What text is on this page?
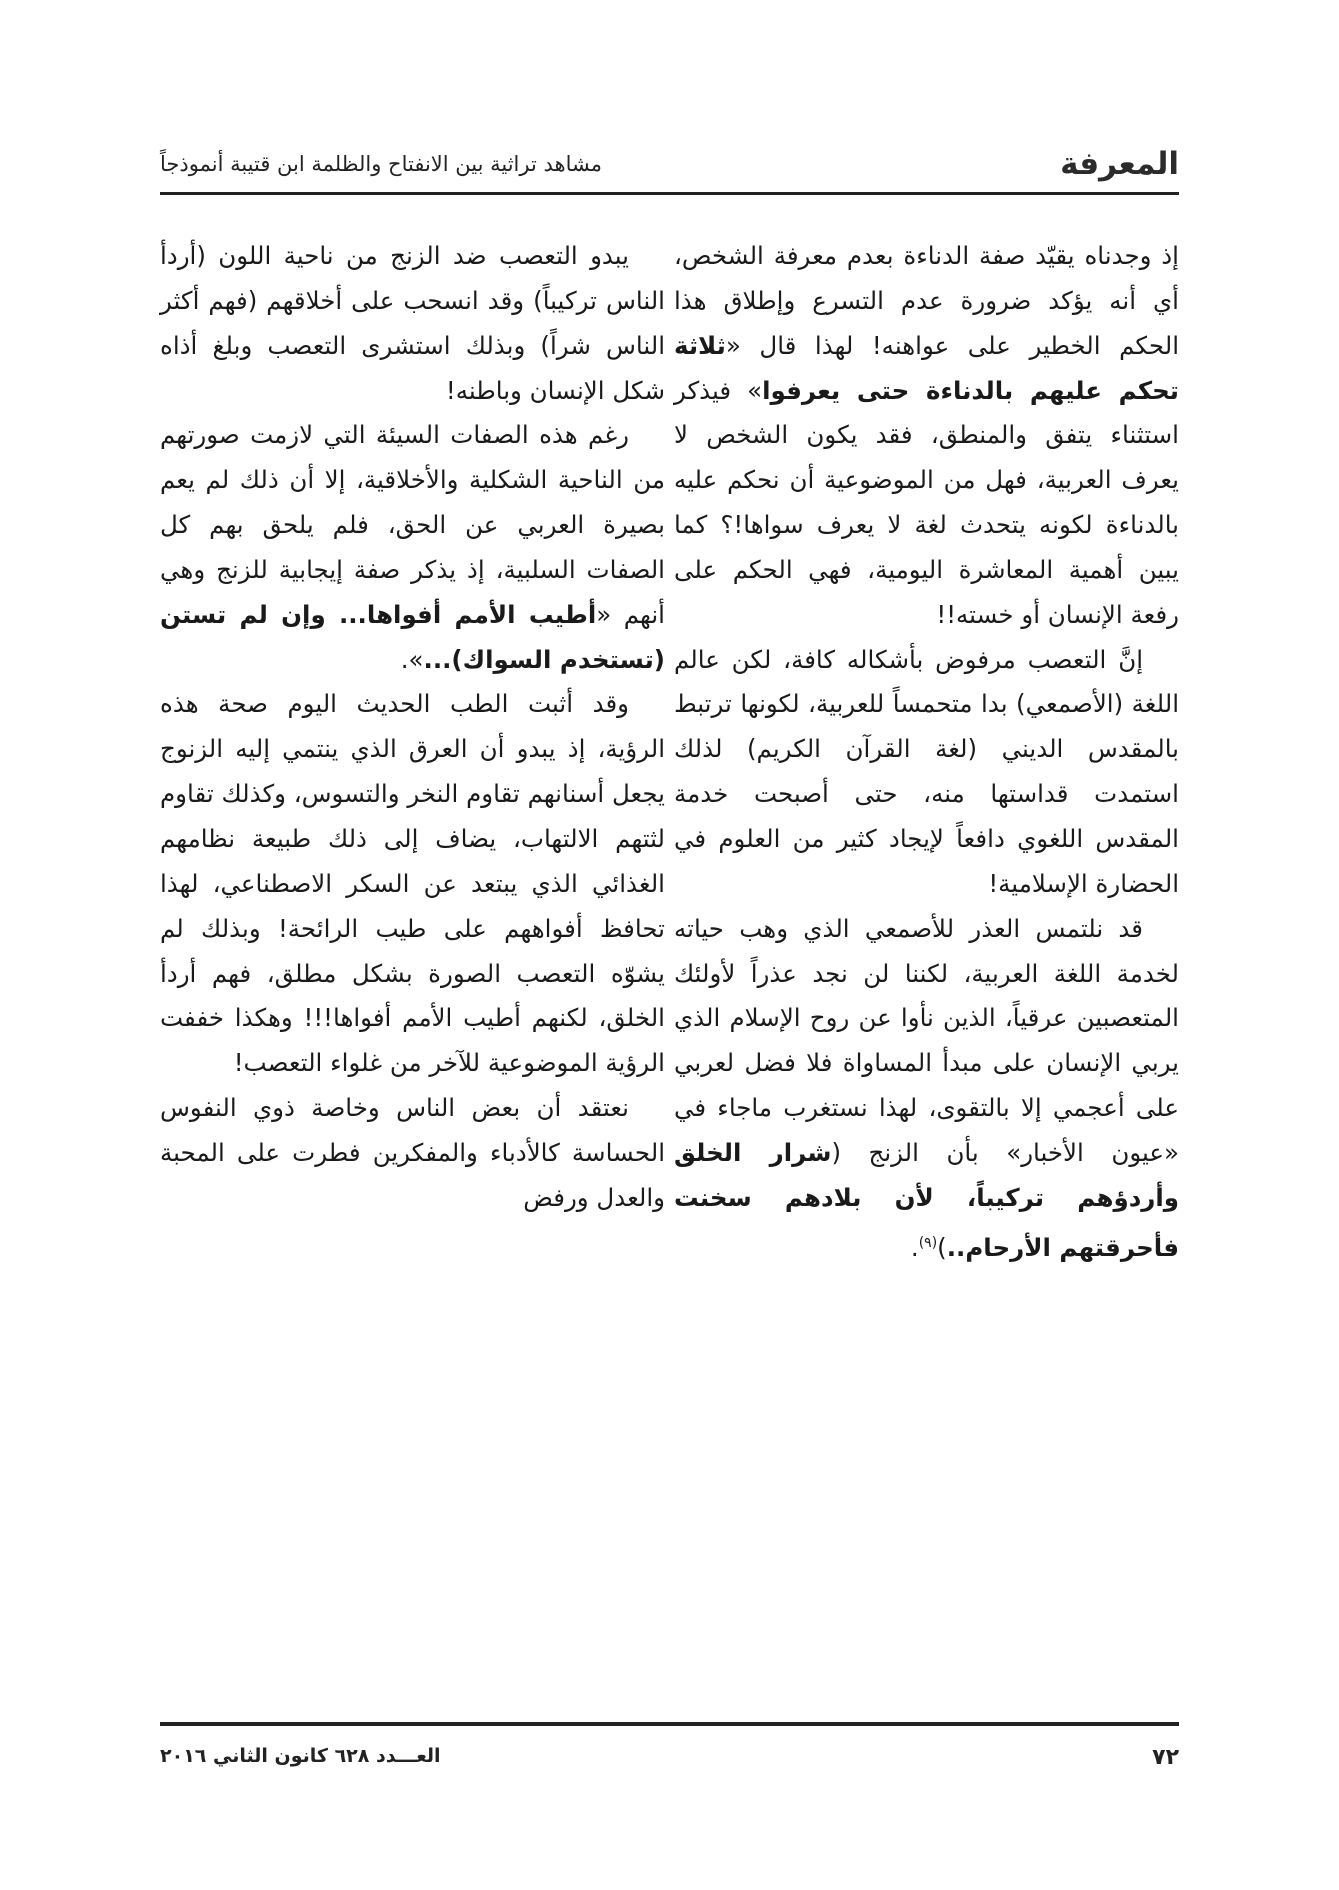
المعرفة
مشاهد تراثية بين الانفتاح والظلمة ابن قتيبة أنموذجاً

إذ وجدناه يقيّد صفة الدناءة بعدم معرفة الشخص، أي أنه يؤكد ضرورة عدم التسرع وإطلاق هذا الحكم الخطير على عواهنه! لهذا قال «ثلاثة تحكم عليهم بالدناءة حتى يعرفوا» فيذكر استثناء يتفق والمنطق، فقد يكون الشخص لا يعرف العربية، فهل من الموضوعية أن نحكم عليه بالدناءة لكونه يتحدث لغة لا يعرف سواها!؟ كما يبين أهمية المعاشرة اليومية، فهي الحكم على رفعة الإنسان أو خسته!!

إنَّ التعصب مرفوض بأشكاله كافة، لكن عالم اللغة (الأصمعي) بدا متحمساً للعربية، لكونها ترتبط بالمقدس الديني (لغة القرآن الكريم) لذلك استمدت قداستها منه، حتى أصبحت خدمة المقدس اللغوي دافعاً لإيجاد كثير من العلوم في الحضارة الإسلامية!

قد نلتمس العذر للأصمعي الذي وهب حياته لخدمة اللغة العربية، لكننا لن نجد عذراً لأولئك المتعصبين عرقياً، الذين نأوا عن روح الإسلام الذي يربي الإنسان على مبدأ المساواة فلا فضل لعربي على أعجمي إلا بالتقوى، لهذا نستغرب ماجاء في «عيون الأخبار» بأن الزنج (شرار الخلق وأردؤهم تركيباً، لأن بلادهم سخنت فأحرقتهم الأرحام..)$^{(٩)}$.

يبدو التعصب ضد الزنج من ناحية اللون (أردأ الناس تركيباً) وقد انسحب على أخلاقهم (فهم أكثر الناس شراً) وبذلك استشرى التعصب وبلغ أذاه شكل الإنسان وباطنه!

رغم هذه الصفات السيئة التي لازمت صورتهم من الناحية الشكلية والأخلاقية، إلا أن ذلك لم يعم بصيرة العربي عن الحق، فلم يلحق بهم كل الصفات السلبية، إذ يذكر صفة إيجابية للزنج وهي أنهم «أطيب الأمم أفواها... وإن لم تستن (تستخدم السواك)...».

وقد أثبت الطب الحديث اليوم صحة هذه الرؤية، إذ يبدو أن العرق الذي ينتمي إليه الزنوج يجعل أسنانهم تقاوم النخر والتسوس، وكذلك تقاوم لثتهم الالتهاب، يضاف إلى ذلك طبيعة نظامهم الغذائي الذي يبتعد عن السكر الاصطناعي، لهذا تحافظ أفواههم على طيب الرائحة! وبذلك لم يشوّه التعصب الصورة بشكل مطلق، فهم أردأ الخلق، لكنهم أطيب الأمم أفواها!!! وهكذا خففت الرؤية الموضوعية للآخر من غلواء التعصب!

نعتقد أن بعض الناس وخاصة ذوي النفوس الحساسة كالأدباء والمفكرين فطرت على المحبة والعدل ورفض

٧٢
العـــدد ٦٢٨ كانون الثاني ٢٠١٦
